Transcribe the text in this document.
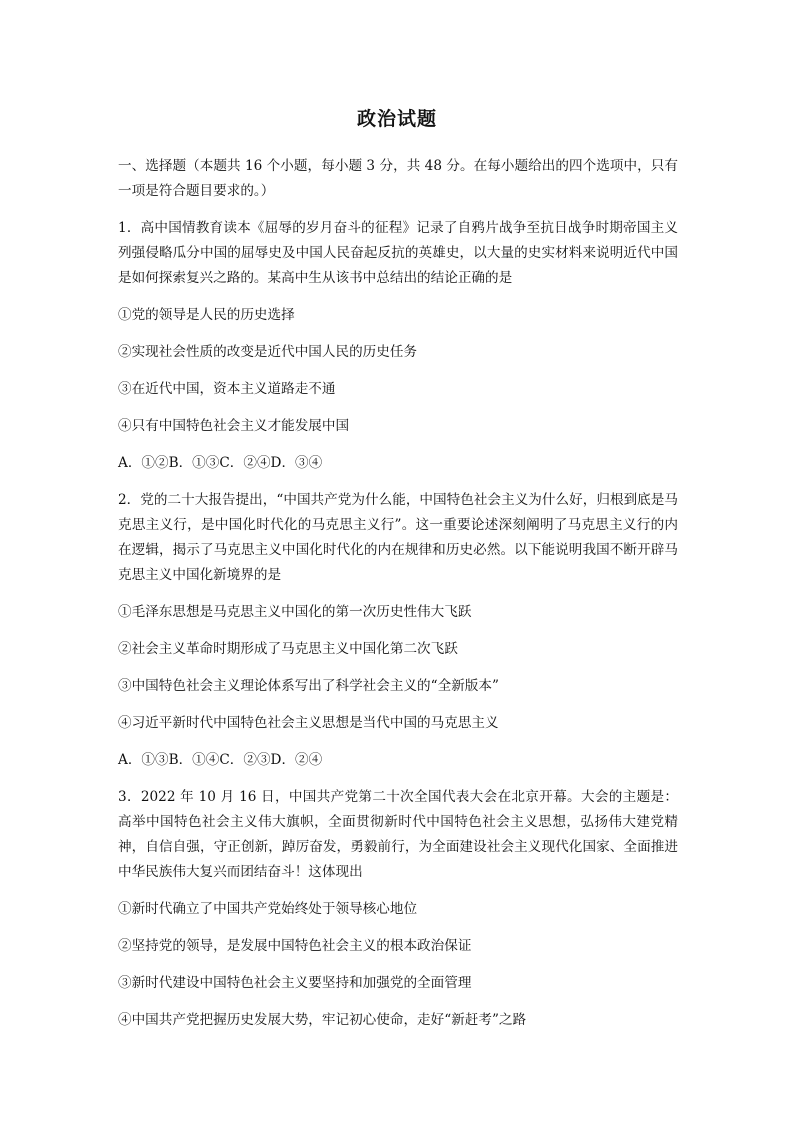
政治试题

一、选择题（本题共 16 个小题，每小题 3 分，共 48 分。在每小题给出的四个选项中，只有一项是符合题目要求的。）

1．高中国情教育读本《屈辱的岁月奋斗的征程》记录了自鸦片战争至抗日战争时期帝国主义列强侵略瓜分中国的屈辱史及中国人民奋起反抗的英雄史，以大量的史实材料来说明近代中国是如何探索复兴之路的。某高中生从该书中总结出的结论正确的是

①党的领导是人民的历史选择

②实现社会性质的改变是近代中国人民的历史任务

③在近代中国，资本主义道路走不通

④只有中国特色社会主义才能发展中国

A．①②B．①③C．②④D．③④

2．党的二十大报告提出，“中国共产党为什么能，中国特色社会主义为什么好，归根到底是马克思主义行，是中国化时代化的马克思主义行”。这一重要论述深刻阐明了马克思主义行的内在逻辑，揭示了马克思主义中国化时代化的内在规律和历史必然。以下能说明我国不断开辟马克思主义中国化新境界的是

①毛泽东思想是马克思主义中国化的第一次历史性伟大飞跃

②社会主义革命时期形成了马克思主义中国化第二次飞跃

③中国特色社会主义理论体系写出了科学社会主义的“全新版本”

④习近平新时代中国特色社会主义思想是当代中国的马克思主义

A．①③B．①④C．②③D．②④

3．2022 年 10 月 16 日，中国共产党第二十次全国代表大会在北京开幕。大会的主题是：高举中国特色社会主义伟大旗帜，全面贯彻新时代中国特色社会主义思想，弘扬伟大建党精神，自信自强，守正创新，踔厉奋发，勇毅前行，为全面建设社会主义现代化国家、全面推进中华民族伟大复兴而团结奋斗！这体现出

①新时代确立了中国共产党始终处于领导核心地位

②坚持党的领导，是发展中国特色社会主义的根本政治保证

③新时代建设中国特色社会主义要坚持和加强党的全面管理

④中国共产党把握历史发展大势，牢记初心使命，走好“新赶考”之路
